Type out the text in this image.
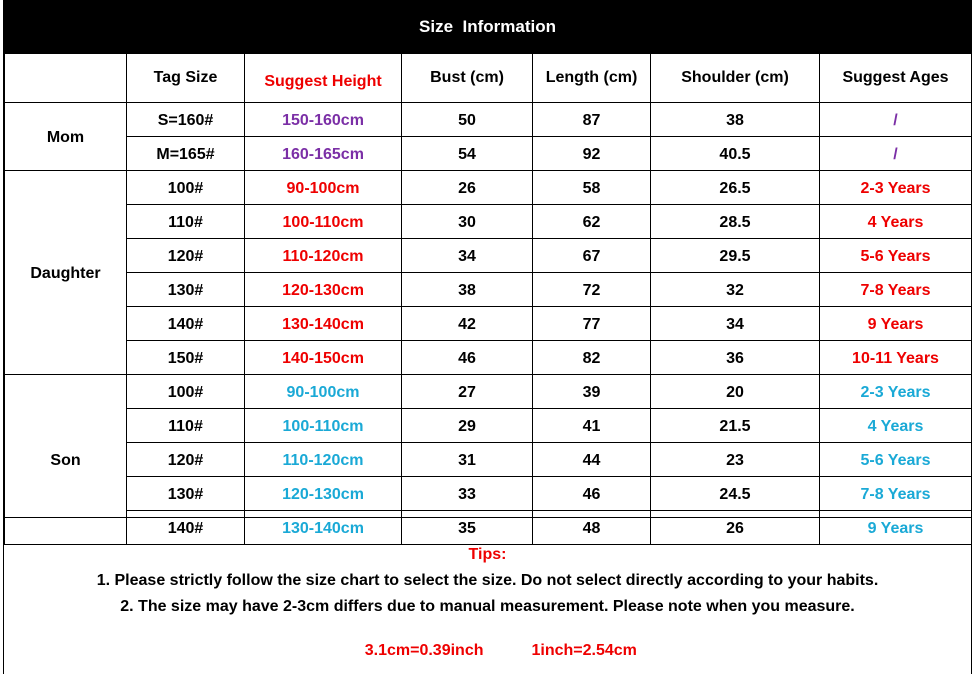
Size  Information
	Tag Size	Suggest Height	Bust (cm)	Length (cm)	Shoulder (cm)	Suggest Ages
Mom	S=160#	150-160cm	50	87	38	/
	M=165#	160-165cm	54	92	40.5	/
Daughter	100#	90-100cm	26	58	26.5	2-3 Years
	110#	100-110cm	30	62	28.5	4 Years
	120#	110-120cm	34	67	29.5	5-6 Years
	130#	120-130cm	38	72	32	7-8 Years
	140#	130-140cm	42	77	34	9 Years
	150#	140-150cm	46	82	36	10-11 Years
Son	100#	90-100cm	27	39	20	2-3 Years
	110#	100-110cm	29	41	21.5	4 Years
	120#	110-120cm	31	44	23	5-6 Years
	130#	120-130cm	33	46	24.5	7-8 Years
	140#	130-140cm	35	48	26	9 Years
Tips:
1. Please strictly follow the size chart to select the size. Do not select directly according to your habits.
2. The size may have 2-3cm differs due to manual measurement. Please note when you measure.

3.1cm=0.39inch	1inch=2.54cm
